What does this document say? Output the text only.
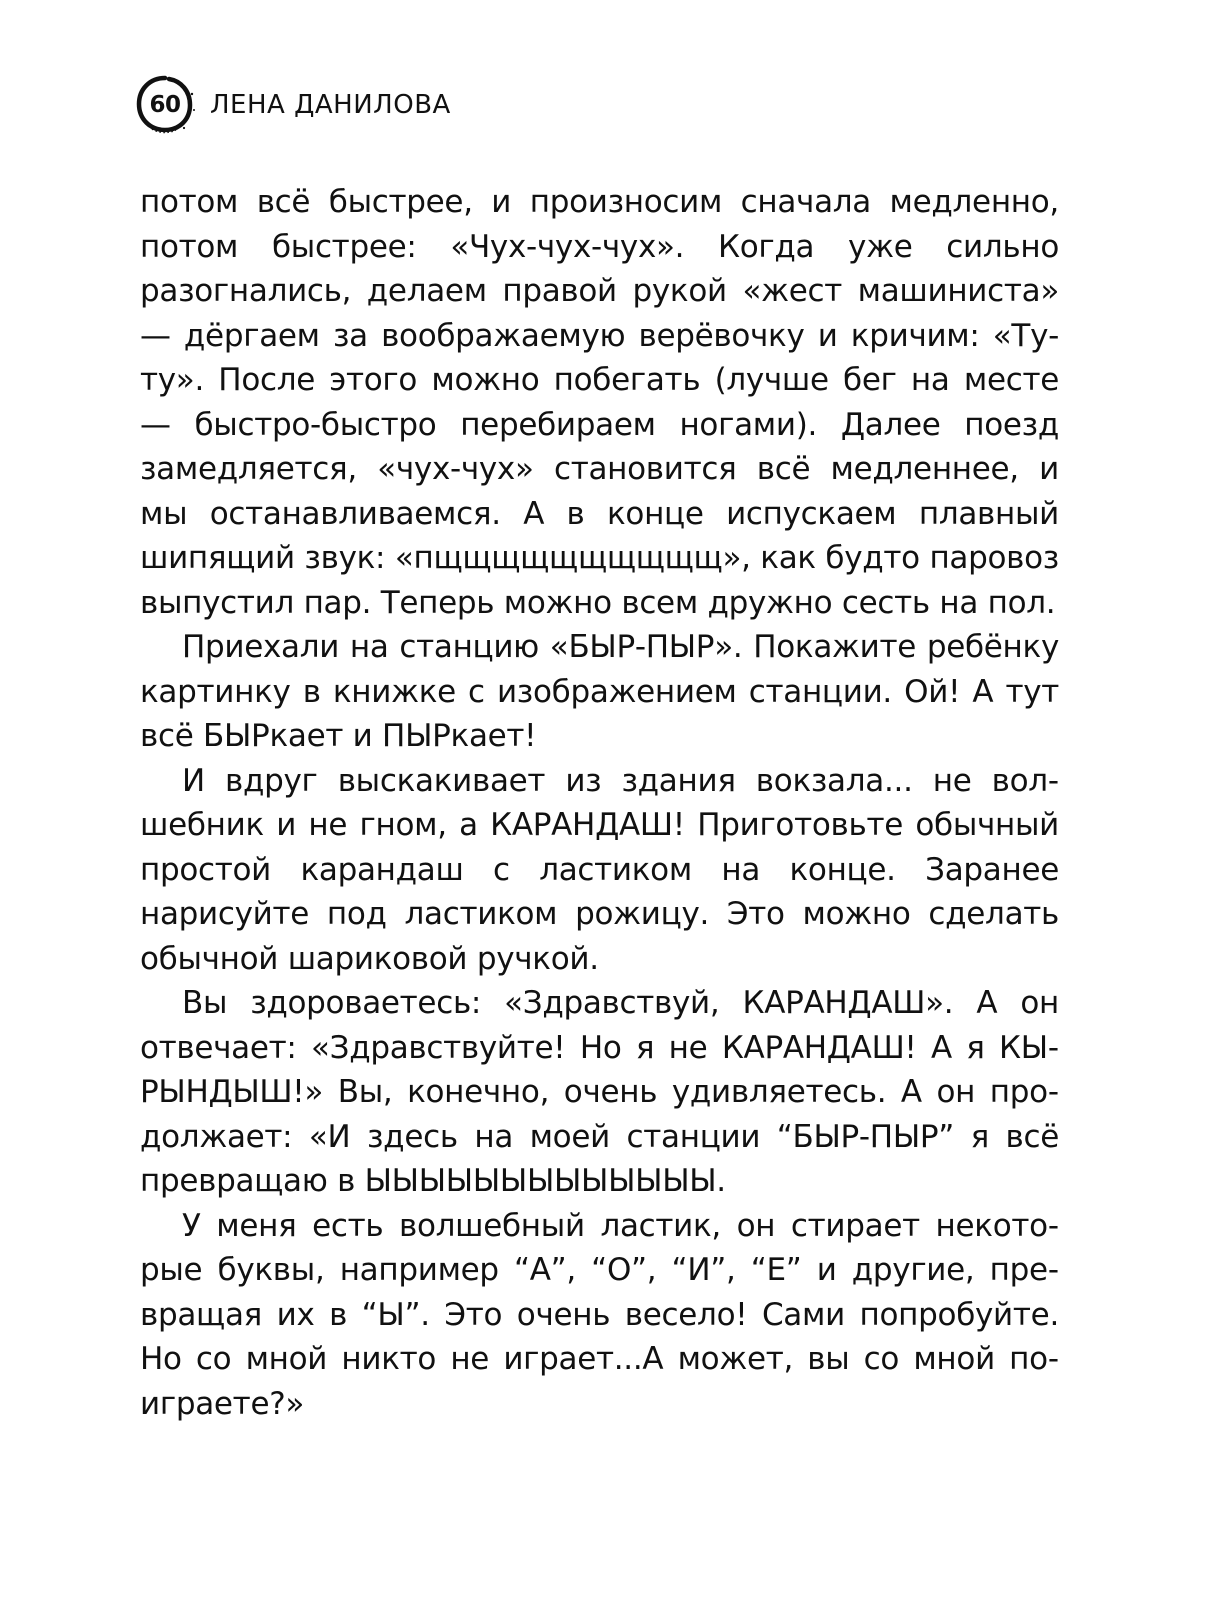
60 ЛЕНА ДАНИЛОВА

потом всё быстрее, и произносим сначала медленно, потом быстрее: «Чух-чух-чух». Когда уже сильно разогнались, делаем правой рукой «жест машиниста» — дёргаем за воображаемую верёвочку и кричим: «Ту-ту». После этого можно побегать (лучше бег на месте — быстро-быстро перебираем ногами). Далее поезд замедляется, «чух-чух» становится всё медленнее, и мы останавливаемся. А в конце испускаем плавный шипящий звук: «пщщщщщщщщщщ», как будто паровоз выпустил пар. Теперь можно всем дружно сесть на пол.

Приехали на станцию «БЫР-ПЫР». Покажите ребёнку картинку в книжке с изображением станции. Ой! А тут всё БЫРкает и ПЫРкает!

И вдруг выскакивает из здания вокзала... не волшебник и не гном, а КАРАНДАШ! Приготовьте обычный простой карандаш с ластиком на конце. Заранее нарисуйте под ластиком рожицу. Это можно сделать обычной шариковой ручкой.

Вы здороваетесь: «Здравствуй, КАРАНДАШ». А он отвечает: «Здравствуйте! Но я не КАРАНДАШ! А я КЫРЫНДЫШ!» Вы, конечно, очень удивляетесь. А он продолжает: «И здесь на моей станции “БЫР-ПЫР” я всё превращаю в ЫЫЫЫЫЫЫЫЫЫЫЫЫ.

У меня есть волшебный ластик, он стирает некоторые буквы, например “А”, “О”, “И”, “Е” и другие, превращая их в “Ы”. Это очень весело! Сами попробуйте. Но со мной никто не играет...А может, вы со мной поиграете?»
